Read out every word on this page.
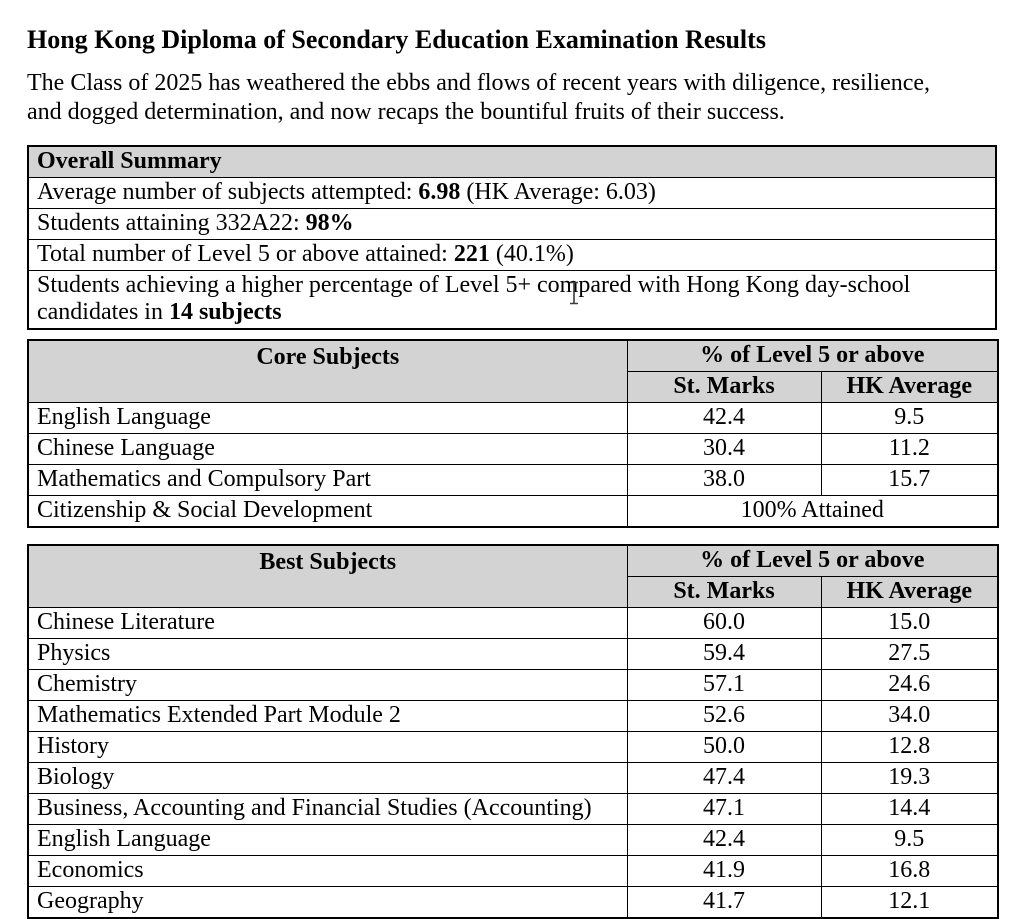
Hong Kong Diploma of Secondary Education Examination Results

The Class of 2025 has weathered the ebbs and flows of recent years with diligence, resilience,
and dogged determination, and now recaps the bountiful fruits of their success.

Overall Summary
Average number of subjects attempted: 6.98 (HK Average: 6.03)
Students attaining 332A22: 98%
Total number of Level 5 or above attained: 221 (40.1%)
Students achieving a higher percentage of Level 5+ compared with Hong Kong day-school candidates in 14 subjects
Core Subjects	% of Level 5 or above	
	St. Marks	HK Average
English Language	42.4	9.5
Chinese Language	30.4	11.2
Mathematics and Compulsory Part	38.0	15.7
Citizenship & Social Development	100% Attained	
Best Subjects	% of Level 5 or above	
	St. Marks	HK Average
Chinese Literature	60.0	15.0
Physics	59.4	27.5
Chemistry	57.1	24.6
Mathematics Extended Part Module 2	52.6	34.0
History	50.0	12.8
Biology	47.4	19.3
Business, Accounting and Financial Studies (Accounting)	47.1	14.4
English Language	42.4	9.5
Economics	41.9	16.8
Geography	41.7	12.1
